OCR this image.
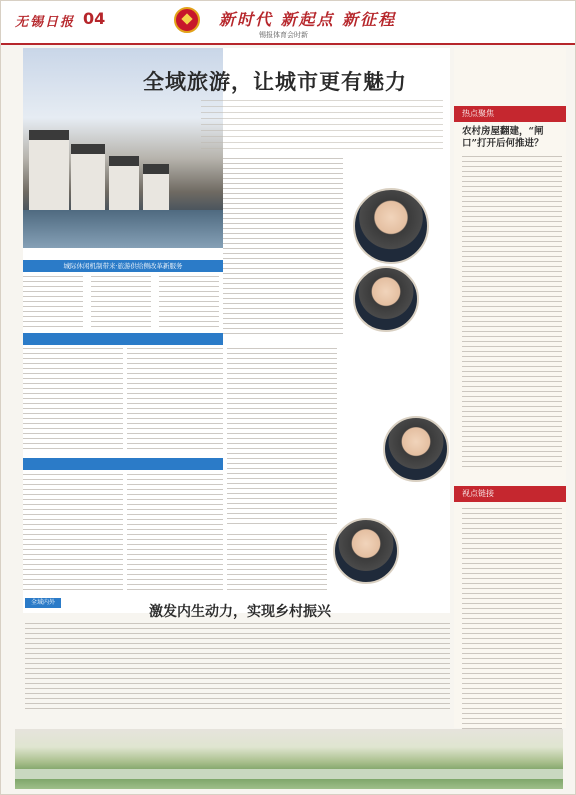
无锡日报 04	新时代 新起点 新征程
锡报体育会时新
全域旅游，让城市更有魅力
城际休闲机制带来·旅游供给侧改革新服务
全域内外
激发内生动力，实现乡村振兴
热点聚焦
农村房屋翻建，“闸口”打开后何推进？
视点链接
